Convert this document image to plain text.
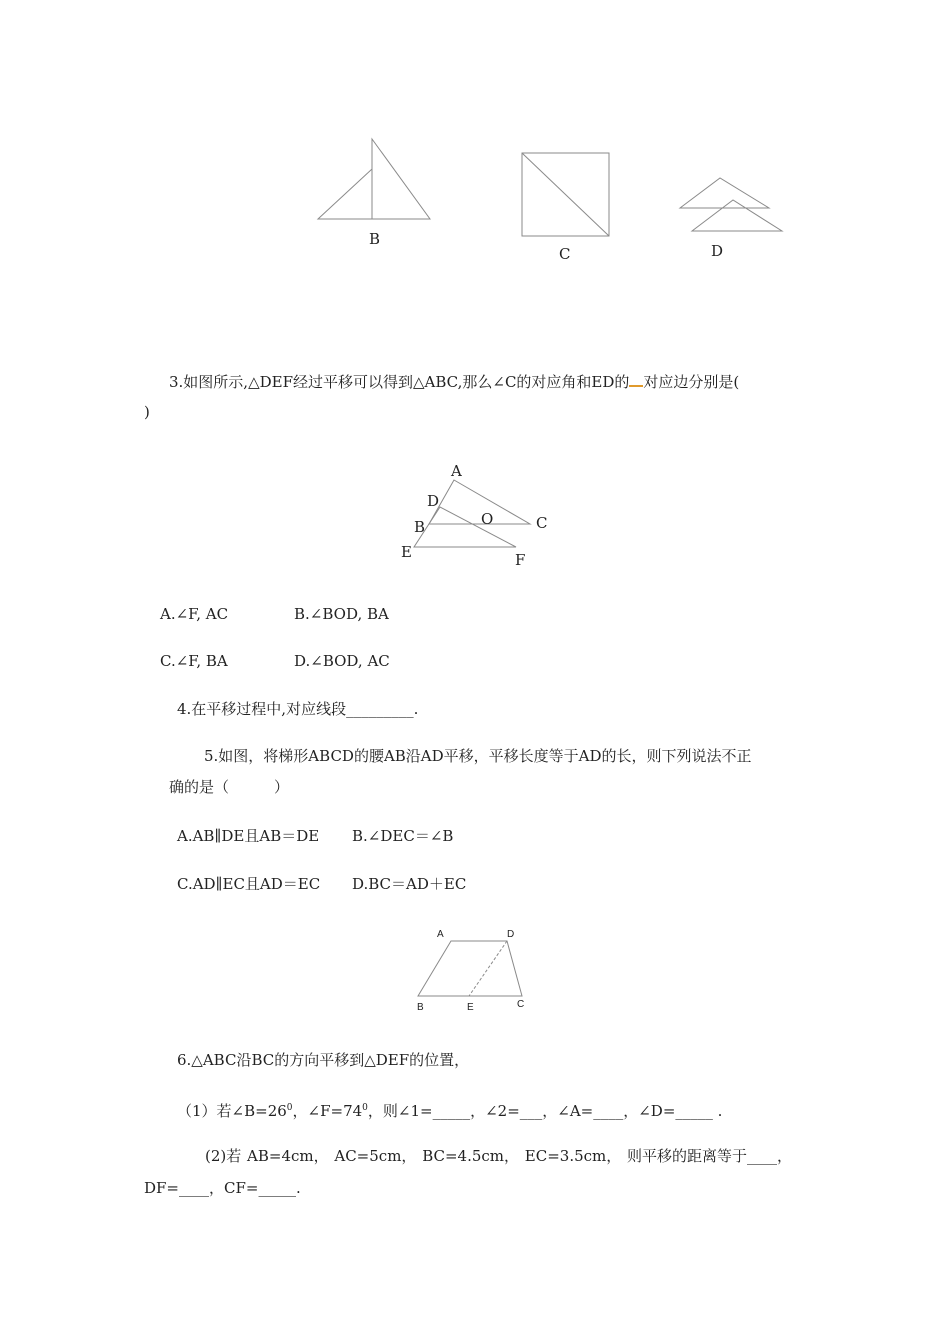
B
C	D
3.如图所示,△DEF经过平移可以得到△ABC,那么∠C的对应角和ED的 对应边分别是(
)
A
D
B	O	C
E	F
A.∠F, AC	B.∠BOD, BA
C.∠F, BA	D.∠BOD, AC
4.在平移过程中,对应线段_________.
5.如图，将梯形ABCD的腰AB沿AD平移，平移长度等于AD的长，则下列说法不正
确的是（　　　）
A.AB∥DE且AB＝DE B.∠DEC＝∠B
C.AD∥EC且AD＝EC D.BC＝AD＋EC
A	D
B	E	C
6.△ABC沿BC的方向平移到△DEF的位置，
（1）若$\angle B=26^0$，$\angle F=74^0$，则∠1=_____，∠2=___，∠A=____，∠D=_____ .
(2)若 AB=4cm， AC=5cm， BC=4.5cm， EC=3.5cm， 则平移的距离等于____，
DF=____，CF=_____.
